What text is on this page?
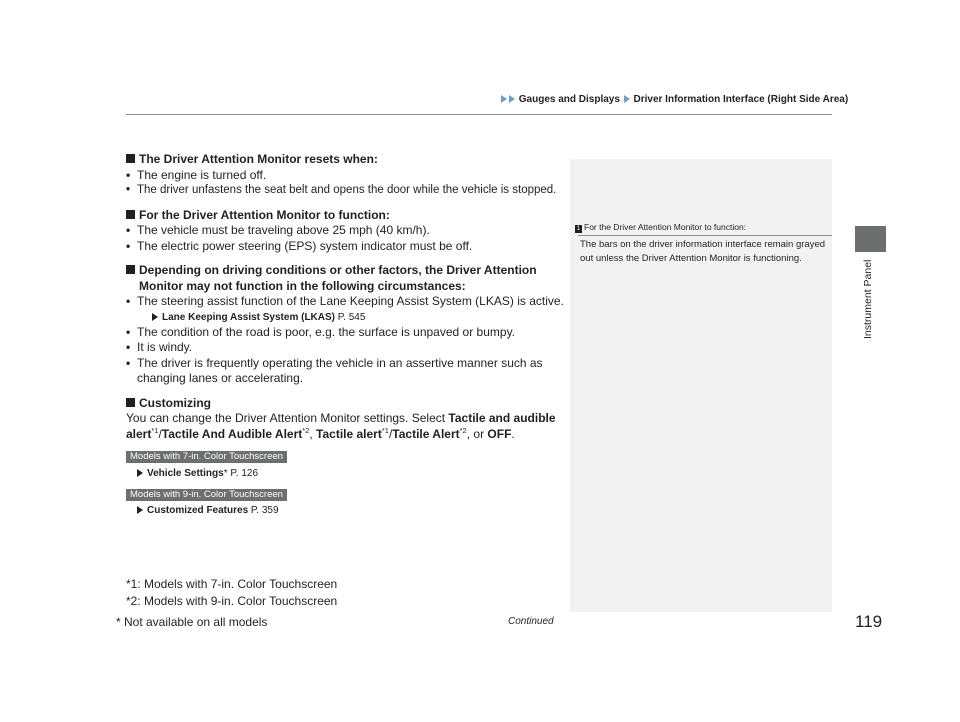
Gauges and Displays Driver Information Interface (Right Side Area)
Instrument Panel
1 For the Driver Attention Monitor to function:
The bars on the driver information interface remain grayed out unless the Driver Attention Monitor is functioning.
The Driver Attention Monitor resets when:
• The engine is turned off.
• The driver unfastens the seat belt and opens the door while the vehicle is stopped.
For the Driver Attention Monitor to function:
• The vehicle must be traveling above 25 mph (40 km/h).
• The electric power steering (EPS) system indicator must be off.
Depending on driving conditions or other factors, the Driver Attention
Monitor may not function in the following circumstances:
• The steering assist function of the Lane Keeping Assist System (LKAS) is active.
Lane Keeping Assist System (LKAS) P. 545
• The condition of the road is poor, e.g. the surface is unpaved or bumpy.
• It is windy.
• The driver is frequently operating the vehicle in an assertive manner such as
changing lanes or accelerating.
Customizing
You can change the Driver Attention Monitor settings. Select Tactile and audible
alert$^{*1}$/Tactile And Audible Alert$^{*2}$, Tactile alert$^{*1}$/Tactile Alert$^{*2}$, or OFF.
Models with 7-in. Color Touchscreen
Vehicle Settings* P. 126
Models with 9-in. Color Touchscreen
Customized Features P. 359
*1: Models with 7-in. Color Touchscreen
*2: Models with 9-in. Color Touchscreen
* Not available on all models	Continued	119
